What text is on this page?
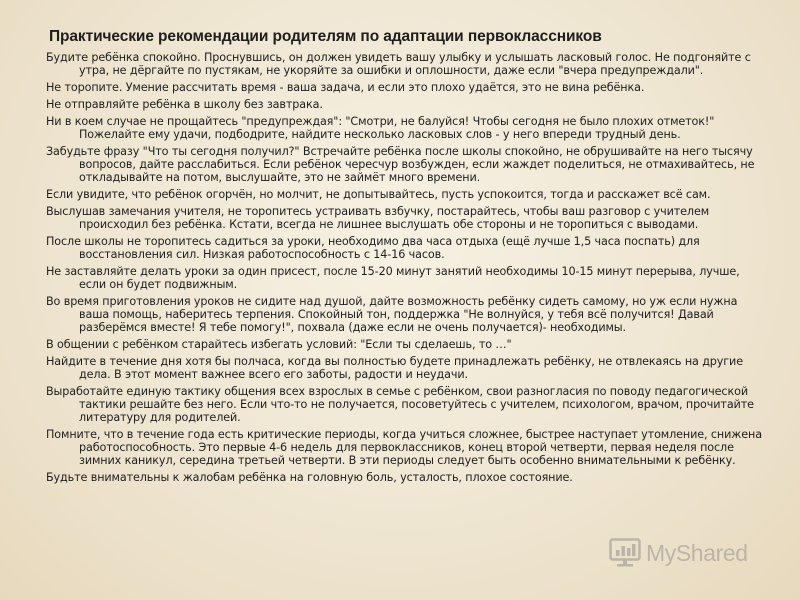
Практические рекомендации родителям по адаптации первоклассников

Будите ребёнка спокойно. Проснувшись, он должен увидеть вашу улыбку и услышать ласковый голос. Не подгоняйте с утра, не дёргайте по пустякам, не укоряйте за ошибки и оплошности, даже если "вчера предупреждали".

Не торопите. Умение рассчитать время - ваша задача, и если это плохо удаётся, это не вина ребёнка.

Не отправляйте ребёнка в школу без завтрака.

Ни в коем случае не прощайтесь "предупреждая": "Смотри, не балуйся! Чтобы сегодня не было плохих отметок!" Пожелайте ему удачи, подбодрите, найдите несколько ласковых слов - у него впереди трудный день.

Забудьте фразу "Что ты сегодня получил?" Встречайте ребёнка после школы спокойно, не обрушивайте на него тысячу вопросов, дайте расслабиться. Если ребёнок чересчур возбужден, если жаждет поделиться, не отмахивайтесь, не откладывайте на потом, выслушайте, это не займёт много времени.

Если увидите, что ребёнок огорчён, но молчит, не допытывайтесь, пусть успокоится, тогда и расскажет всё сам.

Выслушав замечания учителя, не торопитесь устраивать взбучку, постарайтесь, чтобы ваш разговор с учителем происходил без ребёнка. Кстати, всегда не лишнее выслушать обе стороны и не торопиться с выводами.

После школы не торопитесь садиться за уроки, необходимо два часа отдыха (ещё лучше 1,5 часа поспать) для восстановления сил. Низкая работоспособность с 14-16 часов.

Не заставляйте делать уроки за один присест, после 15-20 минут занятий необходимы 10-15 минут перерыва, лучше, если он будет подвижным.

Во время приготовления уроков не сидите над душой, дайте возможность ребёнку сидеть самому, но уж если нужна ваша помощь, наберитесь терпения. Спокойный тон, поддержка "Не волнуйся, у тебя всё получится! Давай разберёмся вместе! Я тебе помогу!", похвала (даже если не очень получается)- необходимы.

В общении с ребёнком старайтесь избегать условий: "Если ты сделаешь, то …"

Найдите в течение дня хотя бы полчаса, когда вы полностью будете принадлежать ребёнку, не отвлекаясь на другие дела. В этот момент важнее всего его заботы, радости и неудачи.

Выработайте единую тактику общения всех взрослых в семье с ребёнком, свои разногласия по поводу педагогической тактики решайте без него. Если что-то не получается, посоветуйтесь с учителем, психологом, врачом, прочитайте литературу для родителей.

Помните, что в течение года есть критические периоды, когда учиться сложнее, быстрее наступает утомление, снижена работоспособность. Это первые 4-6 недель для первоклассников, конец второй четверти, первая неделя после зимних каникул, середина третьей четверти. В эти периоды следует быть особенно внимательными к ребёнку.

Будьте внимательны к жалобам ребёнка на головную боль, усталость, плохое состояние.

MyShared
